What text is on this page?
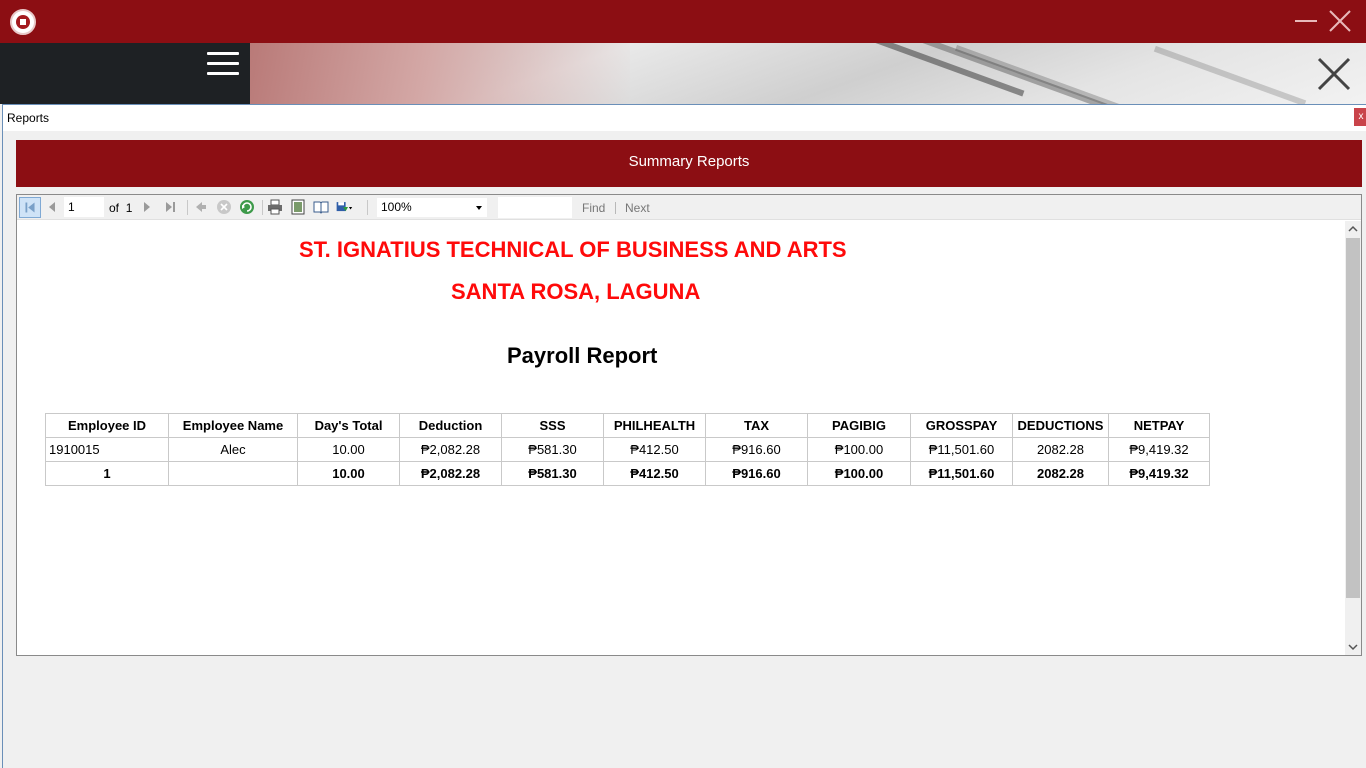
Reports	x
Summary Reports
1
of 1	100%	Find Next
ST. IGNATIUS TECHNICAL OF BUSINESS AND ARTS
SANTA ROSA, LAGUNA
Payroll Report
Employee ID	Employee Name	Day's Total	Deduction	SSS	PHILHEALTH	TAX	PAGIBIG	GROSSPAY	DEDUCTIONS	NETPAY
1910015	Alec	10.00	₱2,082.28	₱581.30	₱412.50	₱916.60	₱100.00	₱11,501.60	2082.28	₱9,419.32
1		10.00	₱2,082.28	₱581.30	₱412.50	₱916.60	₱100.00	₱11,501.60	2082.28	₱9,419.32
